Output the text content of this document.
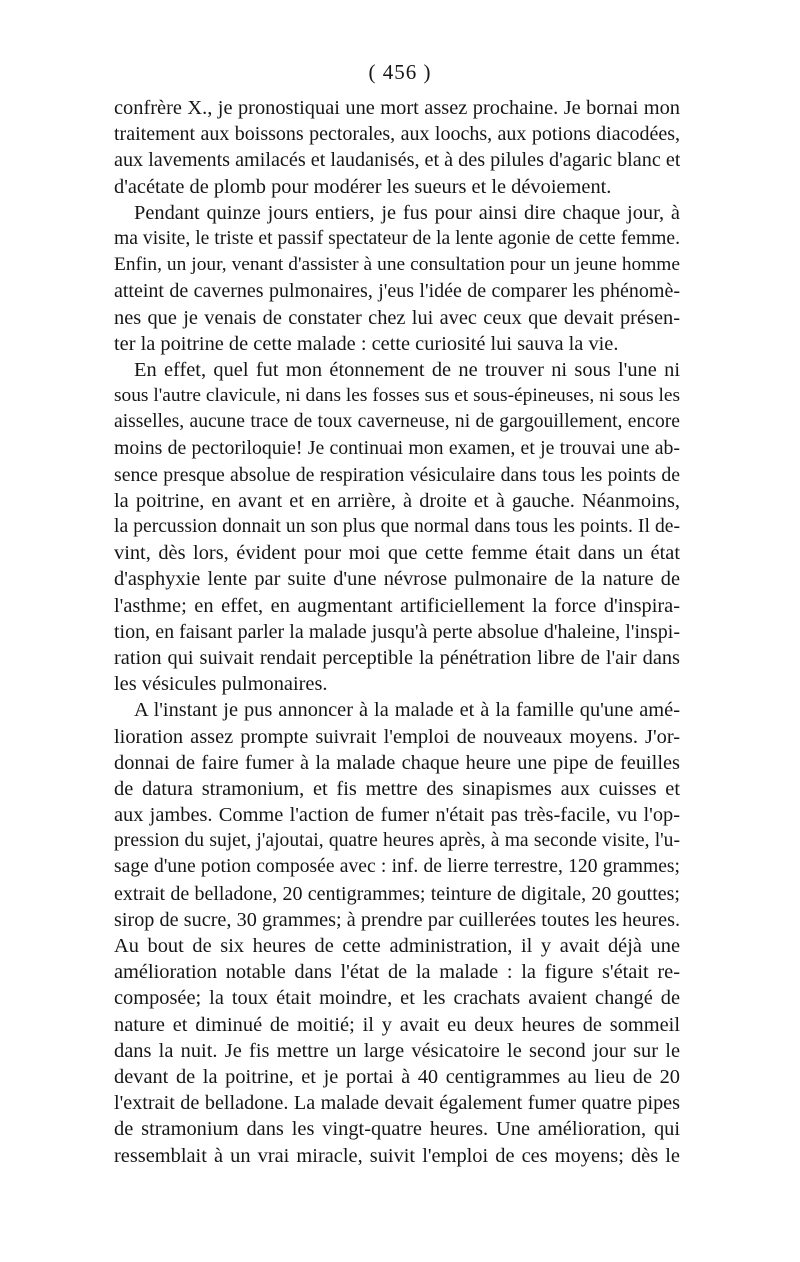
( 456 )
confrère X., je pronostiquai une mort assez prochaine. Je bornai mon
traitement aux boissons pectorales, aux loochs, aux potions diacodées,
aux lavements amilacés et laudanisés, et à des pilules d'agaric blanc et
d'acétate de plomb pour modérer les sueurs et le dévoiement.
Pendant quinze jours entiers, je fus pour ainsi dire chaque jour, à
ma visite, le triste et passif spectateur de la lente agonie de cette femme.
Enfin, un jour, venant d'assister à une consultation pour un jeune homme
atteint de cavernes pulmonaires, j'eus l'idée de comparer les phénomè-
nes que je venais de constater chez lui avec ceux que devait présen-
ter la poitrine de cette malade : cette curiosité lui sauva la vie.
En effet, quel fut mon étonnement de ne trouver ni sous l'une ni
sous l'autre clavicule, ni dans les fosses sus et sous-épineuses, ni sous les
aisselles, aucune trace de toux caverneuse, ni de gargouillement, encore
moins de pectoriloquie! Je continuai mon examen, et je trouvai une ab-
sence presque absolue de respiration vésiculaire dans tous les points de
la poitrine, en avant et en arrière, à droite et à gauche. Néanmoins,
la percussion donnait un son plus que normal dans tous les points. Il de-
vint, dès lors, évident pour moi que cette femme était dans un état
d'asphyxie lente par suite d'une névrose pulmonaire de la nature de
l'asthme; en effet, en augmentant artificiellement la force d'inspira-
tion, en faisant parler la malade jusqu'à perte absolue d'haleine, l'inspi-
ration qui suivait rendait perceptible la pénétration libre de l'air dans
les vésicules pulmonaires.
A l'instant je pus annoncer à la malade et à la famille qu'une amé-
lioration assez prompte suivrait l'emploi de nouveaux moyens. J'or-
donnai de faire fumer à la malade chaque heure une pipe de feuilles
de datura stramonium, et fis mettre des sinapismes aux cuisses et
aux jambes. Comme l'action de fumer n'était pas très-facile, vu l'op-
pression du sujet, j'ajoutai, quatre heures après, à ma seconde visite, l'u-
sage d'une potion composée avec : inf. de lierre terrestre, 120 grammes;
extrait de belladone, 20 centigrammes; teinture de digitale, 20 gouttes;
sirop de sucre, 30 grammes; à prendre par cuillerées toutes les heures.
Au bout de six heures de cette administration, il y avait déjà une
amélioration notable dans l'état de la malade : la figure s'était re-
composée; la toux était moindre, et les crachats avaient changé de
nature et diminué de moitié; il y avait eu deux heures de sommeil
dans la nuit. Je fis mettre un large vésicatoire le second jour sur le
devant de la poitrine, et je portai à 40 centigrammes au lieu de 20
l'extrait de belladone. La malade devait également fumer quatre pipes
de stramonium dans les vingt-quatre heures. Une amélioration, qui
ressemblait à un vrai miracle, suivit l'emploi de ces moyens; dès le
